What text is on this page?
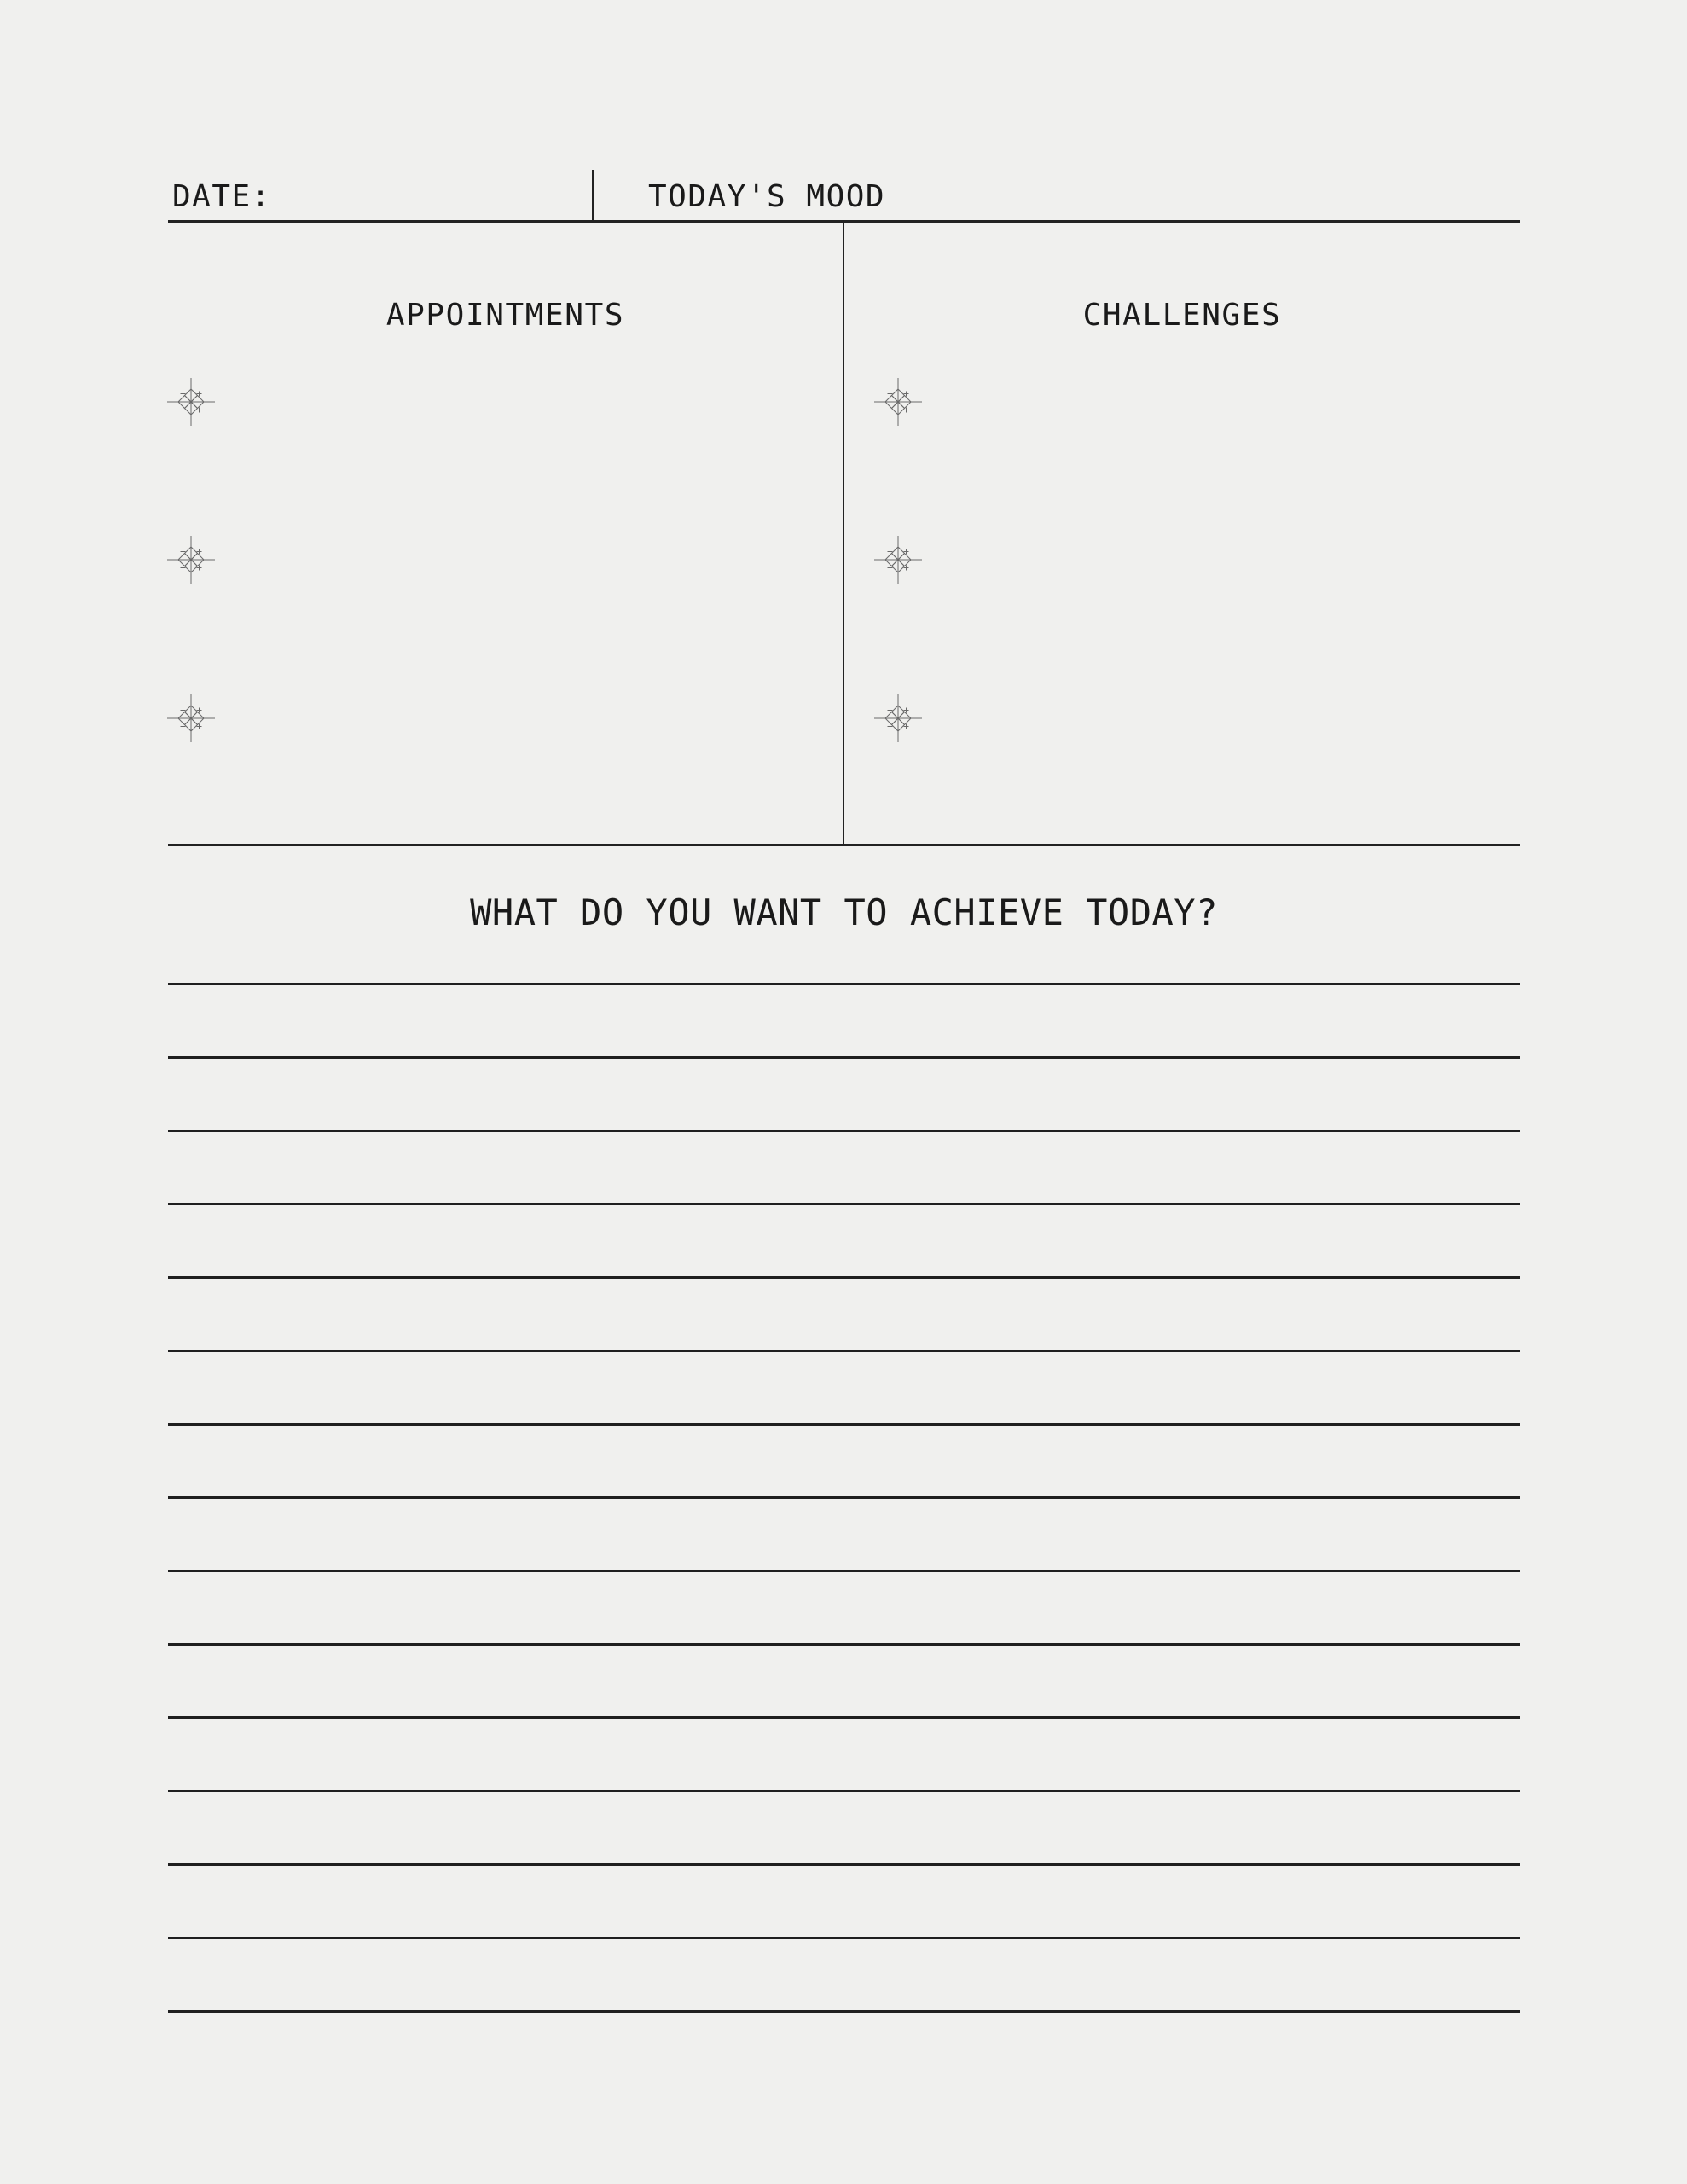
DATE:	TODAY'S MOOD
APPOINTMENTS	CHALLENGES
WHAT DO YOU WANT TO ACHIEVE TODAY?
